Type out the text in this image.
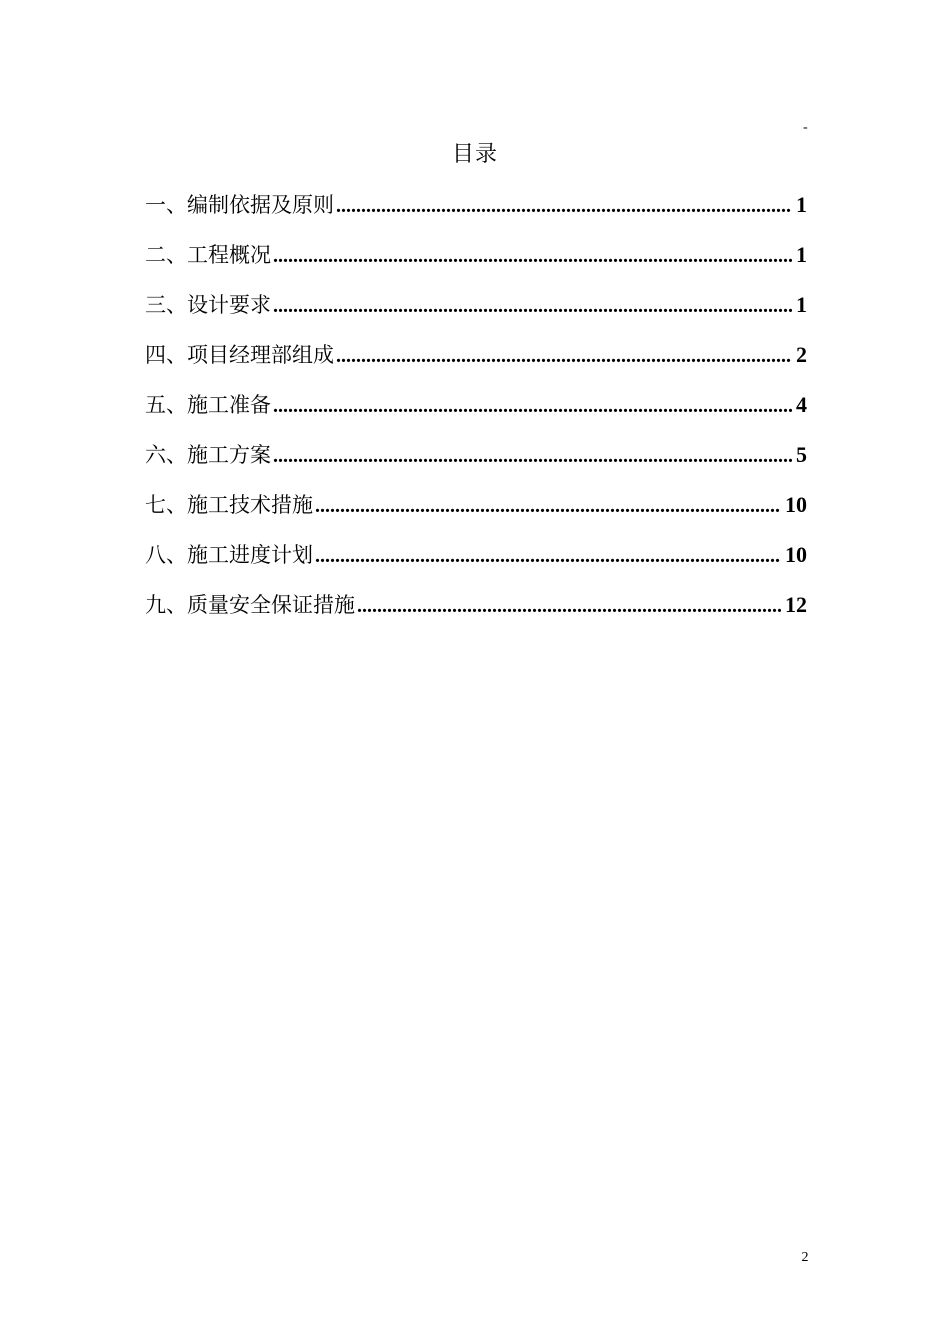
-
目录
一、编制依据及原则 .....	1
二、工程概况 .....	1
三、设计要求 .....	1
四、项目经理部组成 .....	2
五、施工准备 .....	4
六、施工方案 .....	5
七、施工技术措施 .....	10
八、施工进度计划 .....	10
九、质量安全保证措施 .....	12
2
